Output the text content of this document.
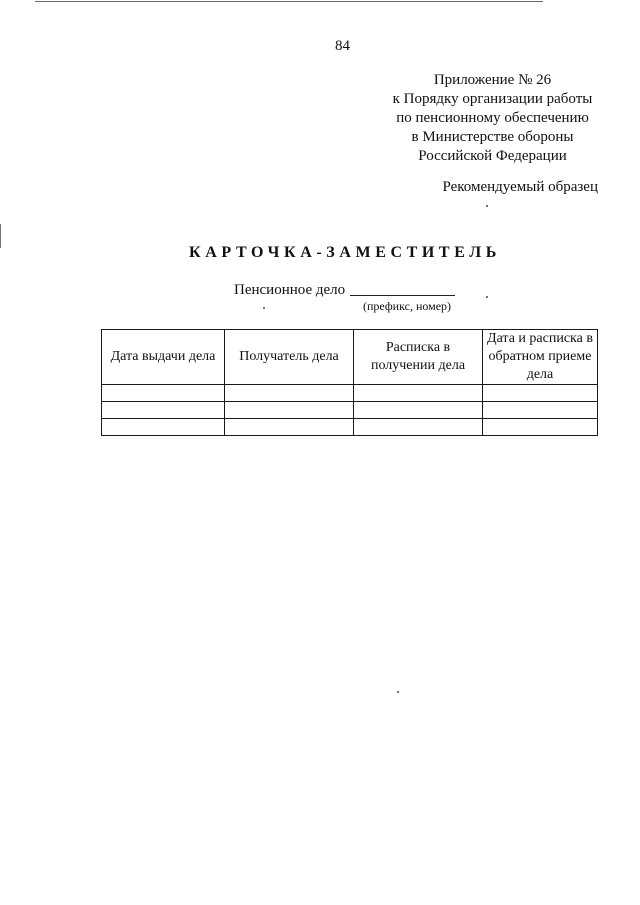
84
Приложение № 26
к Порядку организации работы
по пенсионному обеспечению
в Министерстве обороны
Российской Федерации
Рекомендуемый образец
КАРТОЧКА-ЗАМЕСТИТЕЛЬ
Пенсионное дело
(префикс, номер)
Дата выдачи дела	Получатель дела	Расписка в получении дела	Дата и расписка в обратном приеме дела
